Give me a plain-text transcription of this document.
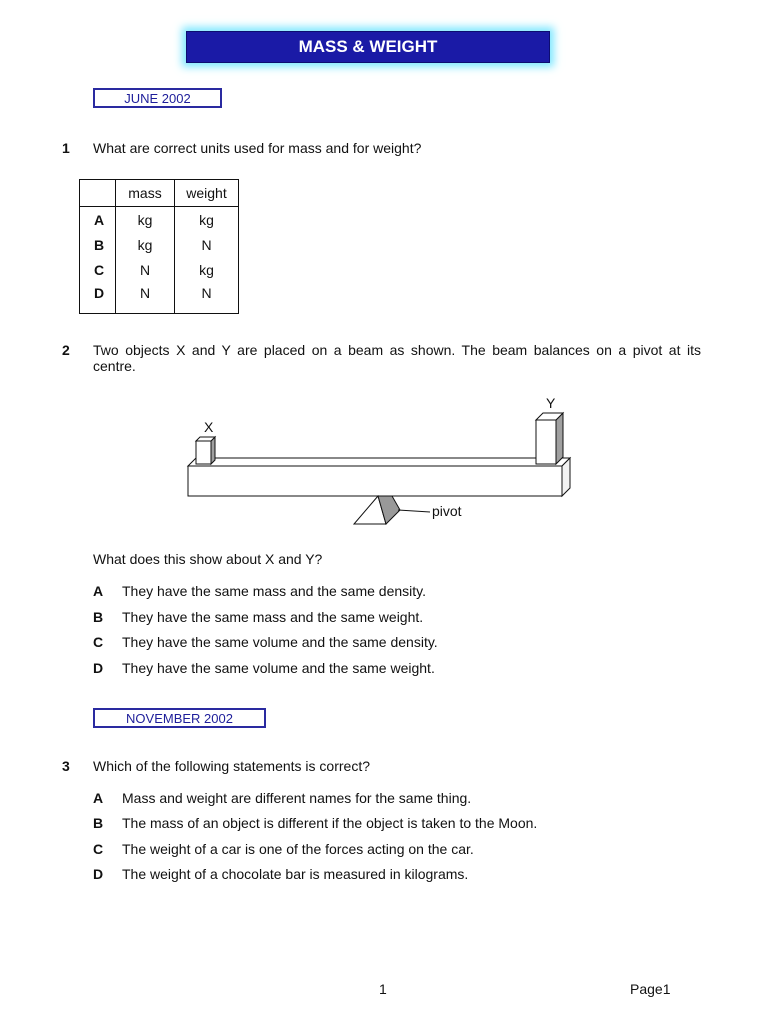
MASS & WEIGHT
JUNE 2002
1 What are correct units used for mass and for weight?
	mass	weight
A	kg	kg
B	kg	N
C	N	kg
D	N	N
2 Two objects X and Y are placed on a beam as shown. The beam balances on a pivot at its
centre.
X
Y
pivot
What does this show about X and Y?
A They have the same mass and the same density.
B They have the same mass and the same weight.
C They have the same volume and the same density.
D They have the same volume and the same weight.
NOVEMBER 2002
3 Which of the following statements is correct?
A Mass and weight are different names for the same thing.
B The mass of an object is different if the object is taken to the Moon.
C The weight of a car is one of the forces acting on the car.
D The weight of a chocolate bar is measured in kilograms.
1	Page1
